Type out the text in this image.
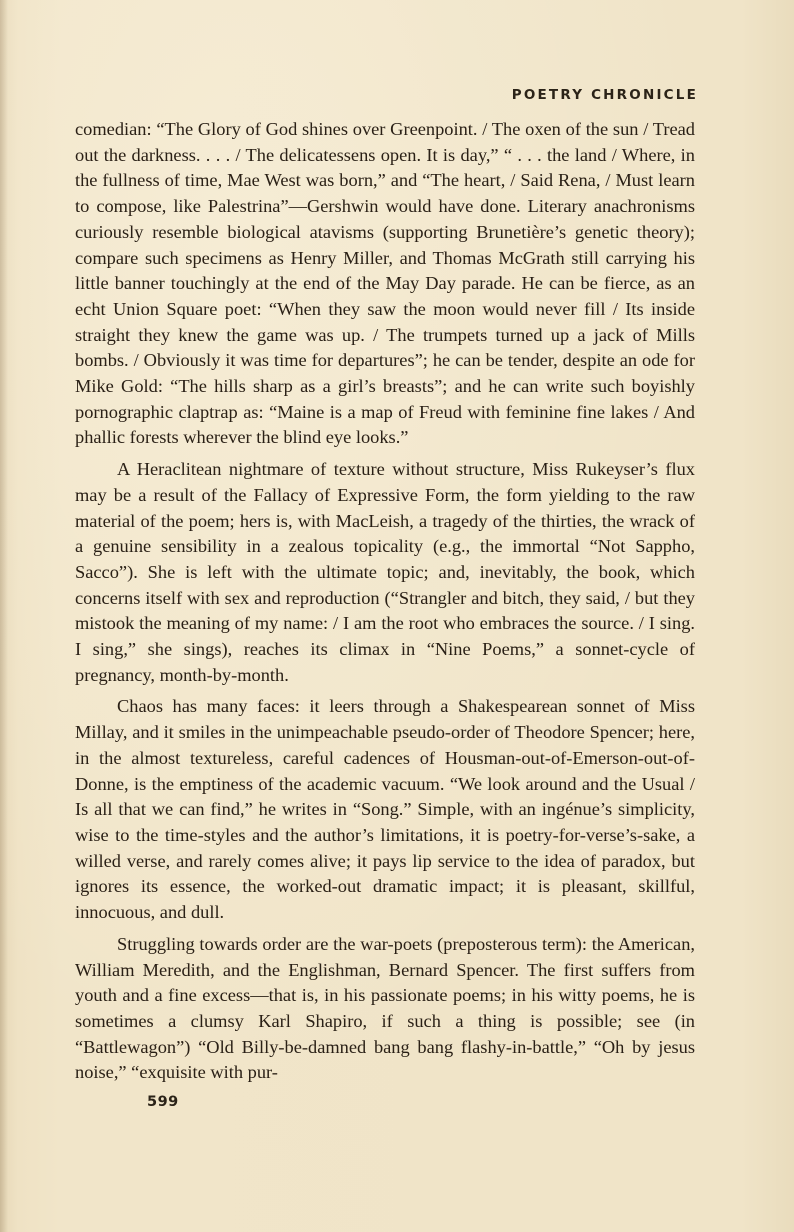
POETRY CHRONICLE

comedian: “The Glory of God shines over Greenpoint. / The oxen of the sun / Tread out the darkness. . . . / The delicatessens open. It is day,” “ . . . the land / Where, in the fullness of time, Mae West was born,” and “The heart, / Said Rena, / Must learn to compose, like Palestrina”—Gershwin would have done. Literary anachronisms curiously resemble biological atavisms (supporting Brunetière’s genetic theory); compare such specimens as Henry Miller, and Thomas McGrath still carrying his little banner touchingly at the end of the May Day parade. He can be fierce, as an echt Union Square poet: “When they saw the moon would never fill / Its inside straight they knew the game was up. / The trumpets turned up a jack of Mills bombs. / Obviously it was time for departures”; he can be tender, despite an ode for Mike Gold: “The hills sharp as a girl’s breasts”; and he can write such boyishly pornographic claptrap as: “Maine is a map of Freud with feminine fine lakes / And phallic forests wherever the blind eye looks.”

A Heraclitean nightmare of texture without structure, Miss Rukeyser’s flux may be a result of the Fallacy of Expressive Form, the form yielding to the raw material of the poem; hers is, with MacLeish, a tragedy of the thirties, the wrack of a genuine sensibility in a zealous topicality (e.g., the immortal “Not Sappho, Sacco”). She is left with the ultimate topic; and, inevitably, the book, which concerns itself with sex and reproduction (“Strangler and bitch, they said, / but they mistook the meaning of my name: / I am the root who embraces the source. / I sing. I sing,” she sings), reaches its climax in “Nine Poems,” a sonnet-cycle of pregnancy, month-by-month.

Chaos has many faces: it leers through a Shakespearean sonnet of Miss Millay, and it smiles in the unimpeachable pseudo-order of Theodore Spencer; here, in the almost textureless, careful cadences of Housman-out-of-Emerson-out-of-Donne, is the emptiness of the academic vacuum. “We look around and the Usual / Is all that we can find,” he writes in “Song.” Simple, with an ingénue’s simplicity, wise to the time-styles and the author’s limitations, it is poetry-for-verse’s-sake, a willed verse, and rarely comes alive; it pays lip service to the idea of paradox, but ignores its essence, the worked-out dramatic impact; it is pleasant, skillful, innocuous, and dull.

Struggling towards order are the war-poets (preposterous term): the American, William Meredith, and the Englishman, Bernard Spencer. The first suffers from youth and a fine excess—that is, in his passionate poems; in his witty poems, he is sometimes a clumsy Karl Shapiro, if such a thing is possible; see (in “Battlewagon”) “Old Billy-be-damned bang bang flashy-in-battle,” “Oh by jesus noise,” “exquisite with pur-

599
